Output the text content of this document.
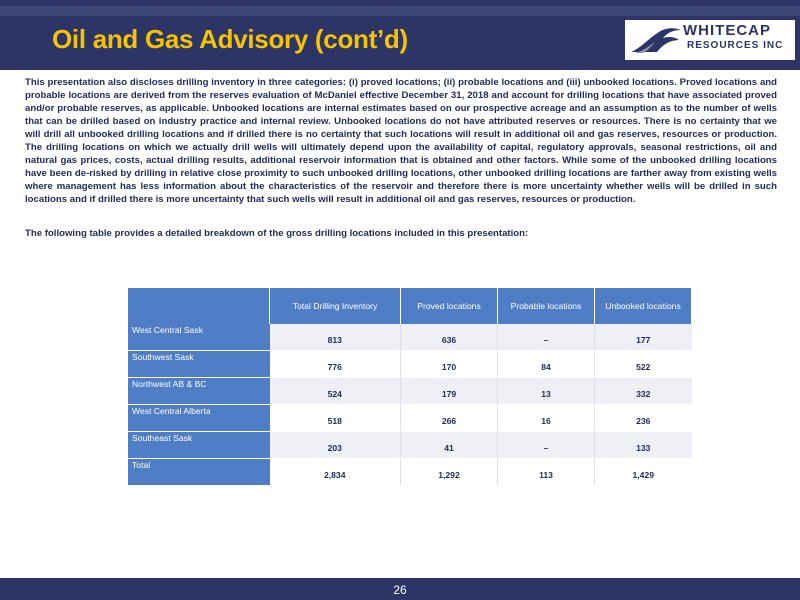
Oil and Gas Advisory (cont’d)	WHITECAP
RESOURCES INC
This presentation also discloses drilling inventory in three categories: (i) proved locations; (ii) probable locations and (iii) unbooked locations. Proved locations and probable locations are derived from the reserves evaluation of McDaniel effective December 31, 2018 and account for drilling locations that have associated proved and/or probable reserves, as applicable. Unbooked locations are internal estimates based on our prospective acreage and an assumption as to the number of wells that can be drilled based on industry practice and internal review. Unbooked locations do not have attributed reserves or resources. There is no certainty that we will drill all unbooked drilling locations and if drilled there is no certainty that such locations will result in additional oil and gas reserves, resources or production. The drilling locations on which we actually drill wells will ultimately depend upon the availability of capital, regulatory approvals, seasonal restrictions, oil and natural gas prices, costs, actual drilling results, additional reservoir information that is obtained and other factors. While some of the unbooked drilling locations have been de-risked by drilling in relative close proximity to such unbooked drilling locations, other unbooked drilling locations are farther away from existing wells where management has less information about the characteristics of the reservoir and therefore there is more uncertainty whether wells will be drilled in such locations and if drilled there is more uncertainty that such wells will result in additional oil and gas reserves, resources or production.
The following table provides a detailed breakdown of the gross drilling locations included in this presentation:
	Total Drilling Inventory	Proved locations	Probable locations	Unbooked locations
West Central Sask	813	636	–	177
Southwest Sask	776	170	84	522
Northwest AB & BC	524	179	13	332
West Central Alberta	518	266	16	236
Southeast Sask	203	41	–	133
Total	2,834	1,292	113	1,429
26
